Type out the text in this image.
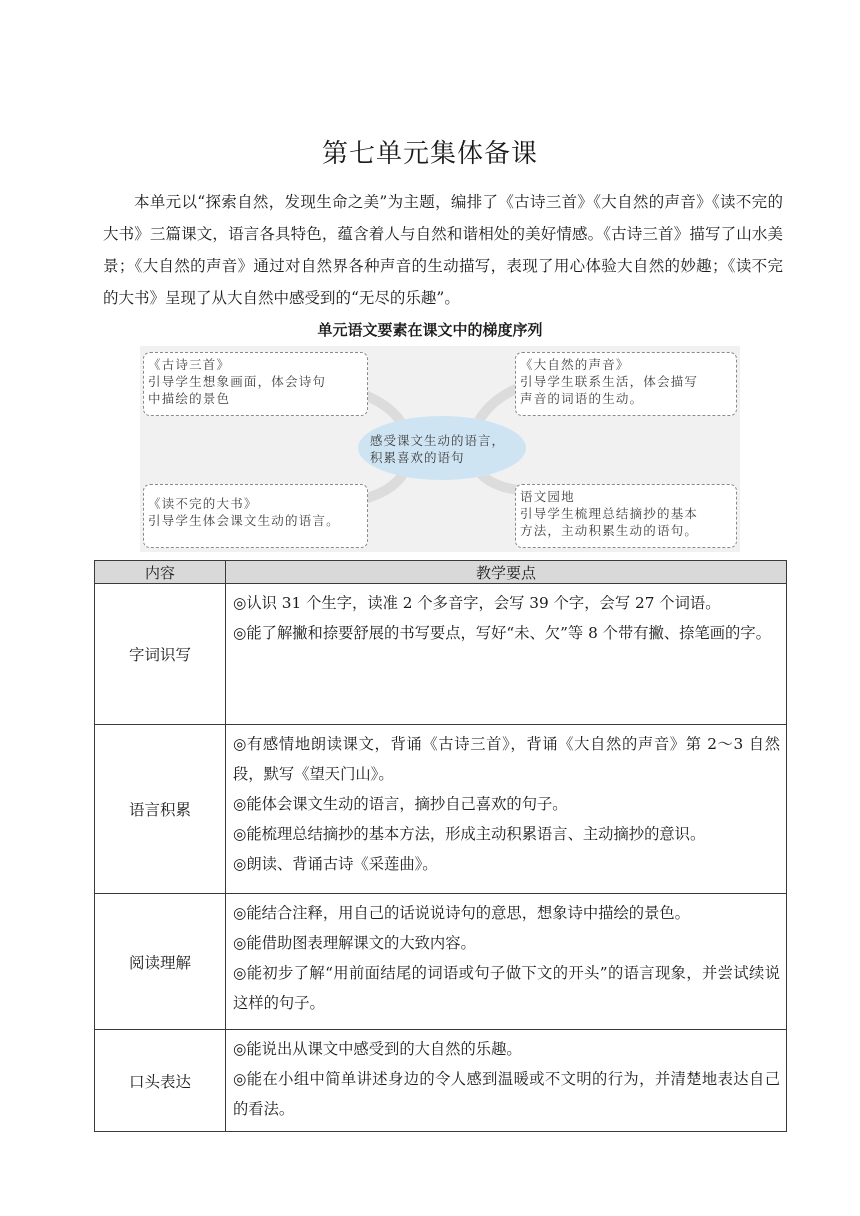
第七单元集体备课

本单元以“探索自然，发现生命之美”为主题，编排了《古诗三首》《大自然的声音》《读不完的大书》三篇课文，语言各具特色，蕴含着人与自然和谐相处的美好情感。《古诗三首》描写了山水美景；《大自然的声音》通过对自然界各种声音的生动描写，表现了用心体验大自然的妙趣；《读不完的大书》呈现了从大自然中感受到的“无尽的乐趣”。

单元语文要素在课文中的梯度序列
《古诗三首》
引导学生想象画面，体会诗句
中描绘的景色
《大自然的声音》
引导学生联系生活，体会描写
声音的词语的生动。
感受课文生动的语言，
积累喜欢的语句
《读不完的大书》
引导学生体会课文生动的语言。
语文园地
引导学生梳理总结摘抄的基本
方法，主动积累生动的语句。
内容	教学要点
字词识写	◎认识 31 个生字，读准 2 个多音字，会写 39 个字，会写 27 个词语。
◎能了解撇和捺要舒展的书写要点，写好“未、欠”等 8 个带有撇、捺笔画的字。

语言积累	◎有感情地朗读课文，背诵《古诗三首》，背诵《大自然的声音》第 2～3 自然段，默写《望天门山》。
◎能体会课文生动的语言，摘抄自己喜欢的句子。
◎能梳理总结摘抄的基本方法，形成主动积累语言、主动摘抄的意识。
◎朗读、背诵古诗《采莲曲》。

阅读理解	◎能结合注释，用自己的话说说诗句的意思，想象诗中描绘的景色。
◎能借助图表理解课文的大致内容。
◎能初步了解“用前面结尾的词语或句子做下文的开头”的语言现象，并尝试续说这样的句子。

口头表达	◎能说出从课文中感受到的大自然的乐趣。
◎能在小组中简单讲述身边的令人感到温暖或不文明的行为，并清楚地表达自己的看法。
